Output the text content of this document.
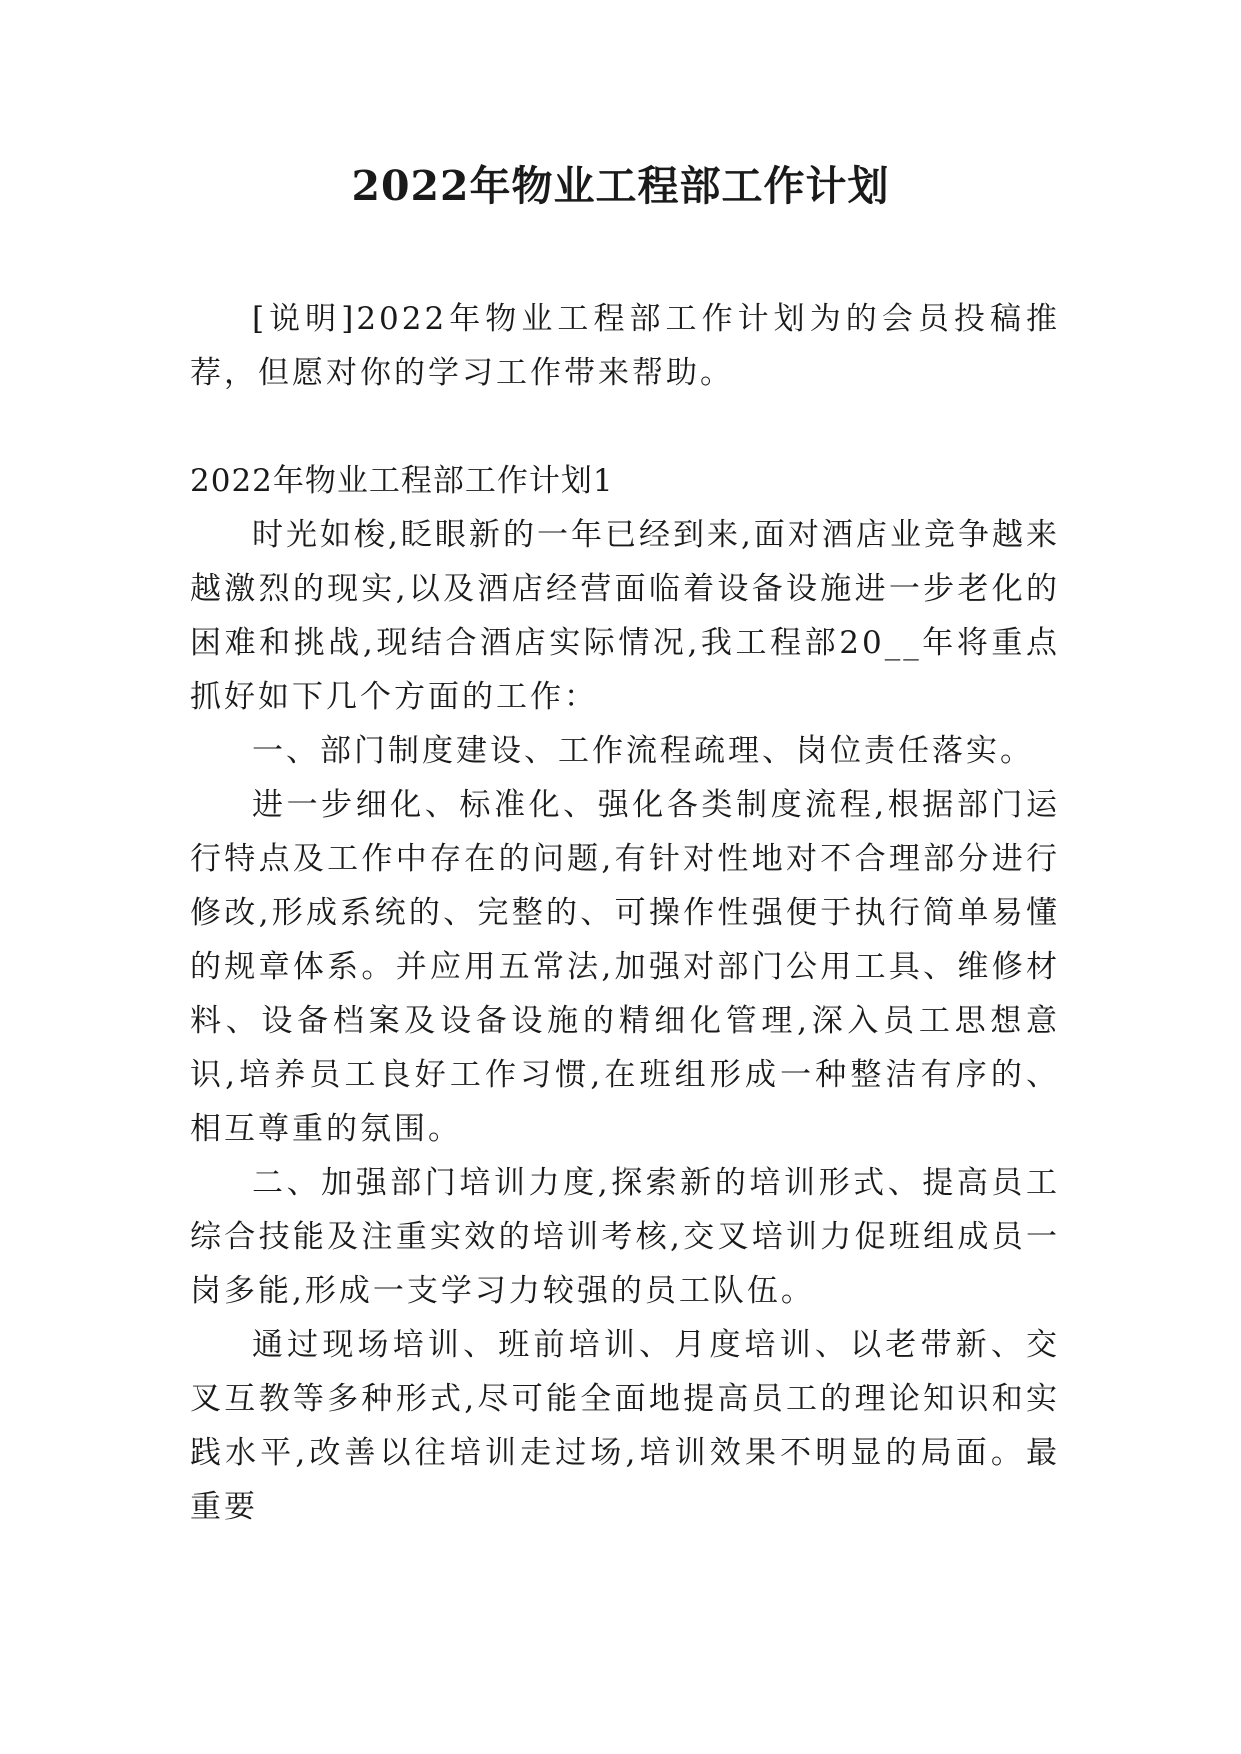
2022年物业工程部工作计划

[说明]2022年物业工程部工作计划为的会员投稿推荐，但愿对你的学习工作带来帮助。

2022年物业工程部工作计划1

时光如梭,眨眼新的一年已经到来,面对酒店业竞争越来越激烈的现实,以及酒店经营面临着设备设施进一步老化的困难和挑战,现结合酒店实际情况,我工程部20__年将重点抓好如下几个方面的工作：

一、部门制度建设、工作流程疏理、岗位责任落实。

进一步细化、标准化、强化各类制度流程,根据部门运行特点及工作中存在的问题,有针对性地对不合理部分进行修改,形成系统的、完整的、可操作性强便于执行简单易懂的规章体系。并应用五常法,加强对部门公用工具、维修材料、设备档案及设备设施的精细化管理,深入员工思想意识,培养员工良好工作习惯,在班组形成一种整洁有序的、相互尊重的氛围。

二、加强部门培训力度,探索新的培训形式、提高员工综合技能及注重实效的培训考核,交叉培训力促班组成员一岗多能,形成一支学习力较强的员工队伍。

通过现场培训、班前培训、月度培训、以老带新、交叉互教等多种形式,尽可能全面地提高员工的理论知识和实践水平,改善以往培训走过场,培训效果不明显的局面。最重要
